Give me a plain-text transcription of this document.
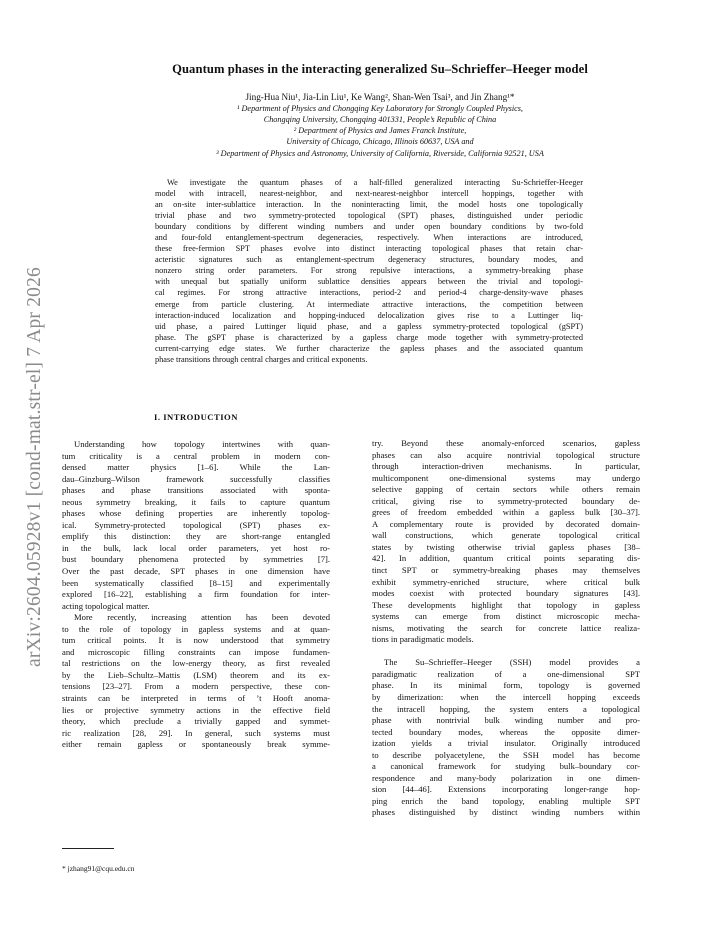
arXiv:2604.05928v1 [cond-mat.str-el] 7 Apr 2026
Quantum phases in the interacting generalized Su–Schrieffer–Heeger model
Jing-Hua Niu¹, Jia-Lin Liu¹, Ke Wang², Shan-Wen Tsai³, and Jin Zhang¹*
¹ Department of Physics and Chongqing Key Laboratory for Strongly Coupled Physics,
Chongqing University, Chongqing 401331, People’s Republic of China
² Department of Physics and James Franck Institute,
University of Chicago, Chicago, Illinois 60637, USA and
³ Department of Physics and Astronomy, University of California, Riverside, California 92521, USA
We investigate the quantum phases of a half-filled generalized interacting Su-Schrieffer-Heeger
model with intracell, nearest-neighbor, and next-nearest-neighbor intercell hoppings, together with
an on-site inter-sublattice interaction. In the noninteracting limit, the model hosts one topologically
trivial phase and two symmetry-protected topological (SPT) phases, distinguished under periodic
boundary conditions by different winding numbers and under open boundary conditions by two-fold
and four-fold entanglement-spectrum degeneracies, respectively. When interactions are introduced,
these free-fermion SPT phases evolve into distinct interacting topological phases that retain char-
acteristic signatures such as entanglement-spectrum degeneracy structures, boundary modes, and
nonzero string order parameters. For strong repulsive interactions, a symmetry-breaking phase
with unequal but spatially uniform sublattice densities appears between the trivial and topologi-
cal regimes. For strong attractive interactions, period-2 and period-4 charge-density-wave phases
emerge from particle clustering. At intermediate attractive interactions, the competition between
interaction-induced localization and hopping-induced delocalization gives rise to a Luttinger liq-
uid phase, a paired Luttinger liquid phase, and a gapless symmetry-protected topological (gSPT)
phase. The gSPT phase is characterized by a gapless charge mode together with symmetry-protected
current-carrying edge states. We further characterize the gapless phases and the associated quantum
phase transitions through central charges and critical exponents.
I. INTRODUCTION
Understanding how topology intertwines with quan-
tum criticality is a central problem in modern con-
densed matter physics [1–6]. While the Lan-
dau–Ginzburg–Wilson framework successfully classifies
phases and phase transitions associated with sponta-
neous symmetry breaking, it fails to capture quantum
phases whose defining properties are inherently topolog-
ical. Symmetry-protected topological (SPT) phases ex-
emplify this distinction: they are short-range entangled
in the bulk, lack local order parameters, yet host ro-
bust boundary phenomena protected by symmetries [7].
Over the past decade, SPT phases in one dimension have
been systematically classified [8–15] and experimentally
explored [16–22], establishing a firm foundation for inter-
acting topological matter.
More recently, increasing attention has been devoted
to the role of topology in gapless systems and at quan-
tum critical points. It is now understood that symmetry
and microscopic filling constraints can impose fundamen-
tal restrictions on the low-energy theory, as first revealed
by the Lieb–Schultz–Mattis (LSM) theorem and its ex-
tensions [23–27]. From a modern perspective, these con-
straints can be interpreted in terms of ’t Hooft anoma-
lies or projective symmetry actions in the effective field
theory, which preclude a trivially gapped and symmet-
ric realization [28, 29]. In general, such systems must
either remain gapless or spontaneously break symme-
try. Beyond these anomaly-enforced scenarios, gapless
phases can also acquire nontrivial topological structure
through interaction-driven mechanisms. In particular,
multicomponent one-dimensional systems may undergo
selective gapping of certain sectors while others remain
critical, giving rise to symmetry-protected boundary de-
grees of freedom embedded within a gapless bulk [30–37].
A complementary route is provided by decorated domain-
wall constructions, which generate topological critical
states by twisting otherwise trivial gapless phases [38–
42]. In addition, quantum critical points separating dis-
tinct SPT or symmetry-breaking phases may themselves
exhibit symmetry-enriched structure, where critical bulk
modes coexist with protected boundary signatures [43].
These developments highlight that topology in gapless
systems can emerge from distinct microscopic mecha-
nisms, motivating the search for concrete lattice realiza-
tions in paradigmatic models.
The Su–Schrieffer–Heeger (SSH) model provides a
paradigmatic realization of a one-dimensional SPT
phase. In its minimal form, topology is governed
by dimerization: when the intercell hopping exceeds
the intracell hopping, the system enters a topological
phase with nontrivial bulk winding number and pro-
tected boundary modes, whereas the opposite dimer-
ization yields a trivial insulator. Originally introduced
to describe polyacetylene, the SSH model has become
a canonical framework for studying bulk–boundary cor-
respondence and many-body polarization in one dimen-
sion [44–46]. Extensions incorporating longer-range hop-
ping enrich the band topology, enabling multiple SPT
phases distinguished by distinct winding numbers within
* jzhang91@cqu.edu.cn
